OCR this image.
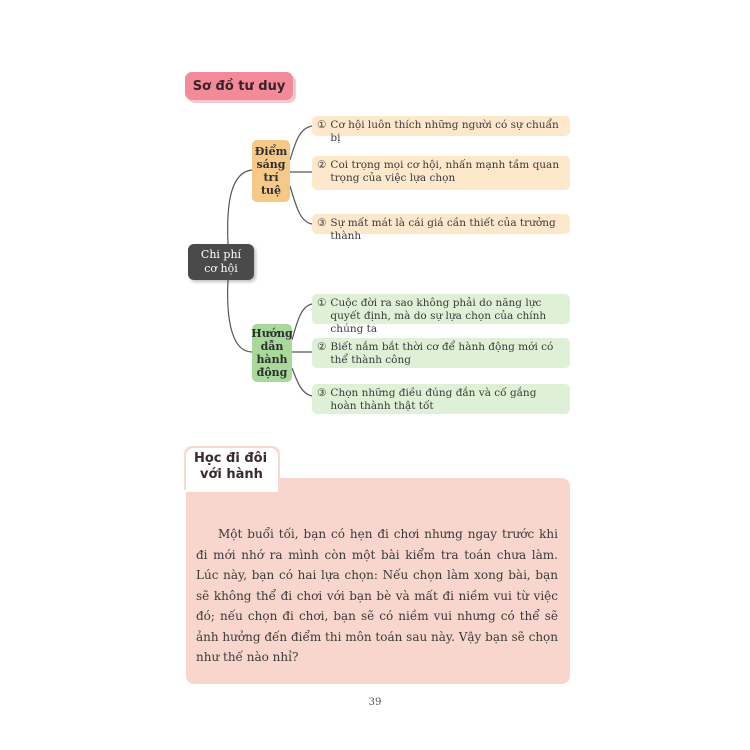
Sơ đồ tư duy
Chi phí
cơ hội
Điểm
sáng
trí
tuệ
Hướng
dẫn
hành
động
① Cơ hội luôn thích những người có sự chuẩn bị
② Coi trọng mọi cơ hội, nhấn mạnh tầm quan trọng của việc lựa chọn
③ Sự mất mát là cái giá cần thiết của trưởng thành
① Cuộc đời ra sao không phải do năng lực quyết định, mà do sự lựa chọn của chính chúng ta
② Biết nắm bắt thời cơ để hành động mới có thể thành công
③ Chọn những điều đúng đắn và cố gắng hoàn thành thật tốt
Học đi đôi
với hành
Một buổi tối, bạn có hẹn đi chơi nhưng ngay trước khi đi mới nhớ ra mình còn một bài kiểm tra toán chưa làm. Lúc này, bạn có hai lựa chọn: Nếu chọn làm xong bài, bạn sẽ không thể đi chơi với bạn bè và mất đi niềm vui từ việc đó; nếu chọn đi chơi, bạn sẽ có niềm vui nhưng có thể sẽ ảnh hưởng đến điểm thi môn toán sau này. Vậy bạn sẽ chọn như thế nào nhỉ?
39
